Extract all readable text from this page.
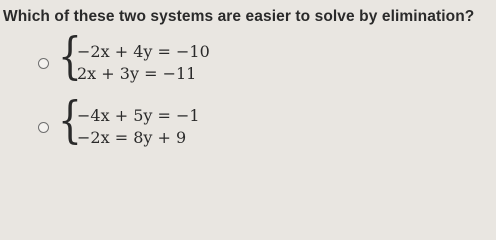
Which of these two systems are easier to solve by elimination?

{
−2x + 4y = −10
2x + 3y = −11
{
−4x + 5y = −1
−2x = 8y + 9
